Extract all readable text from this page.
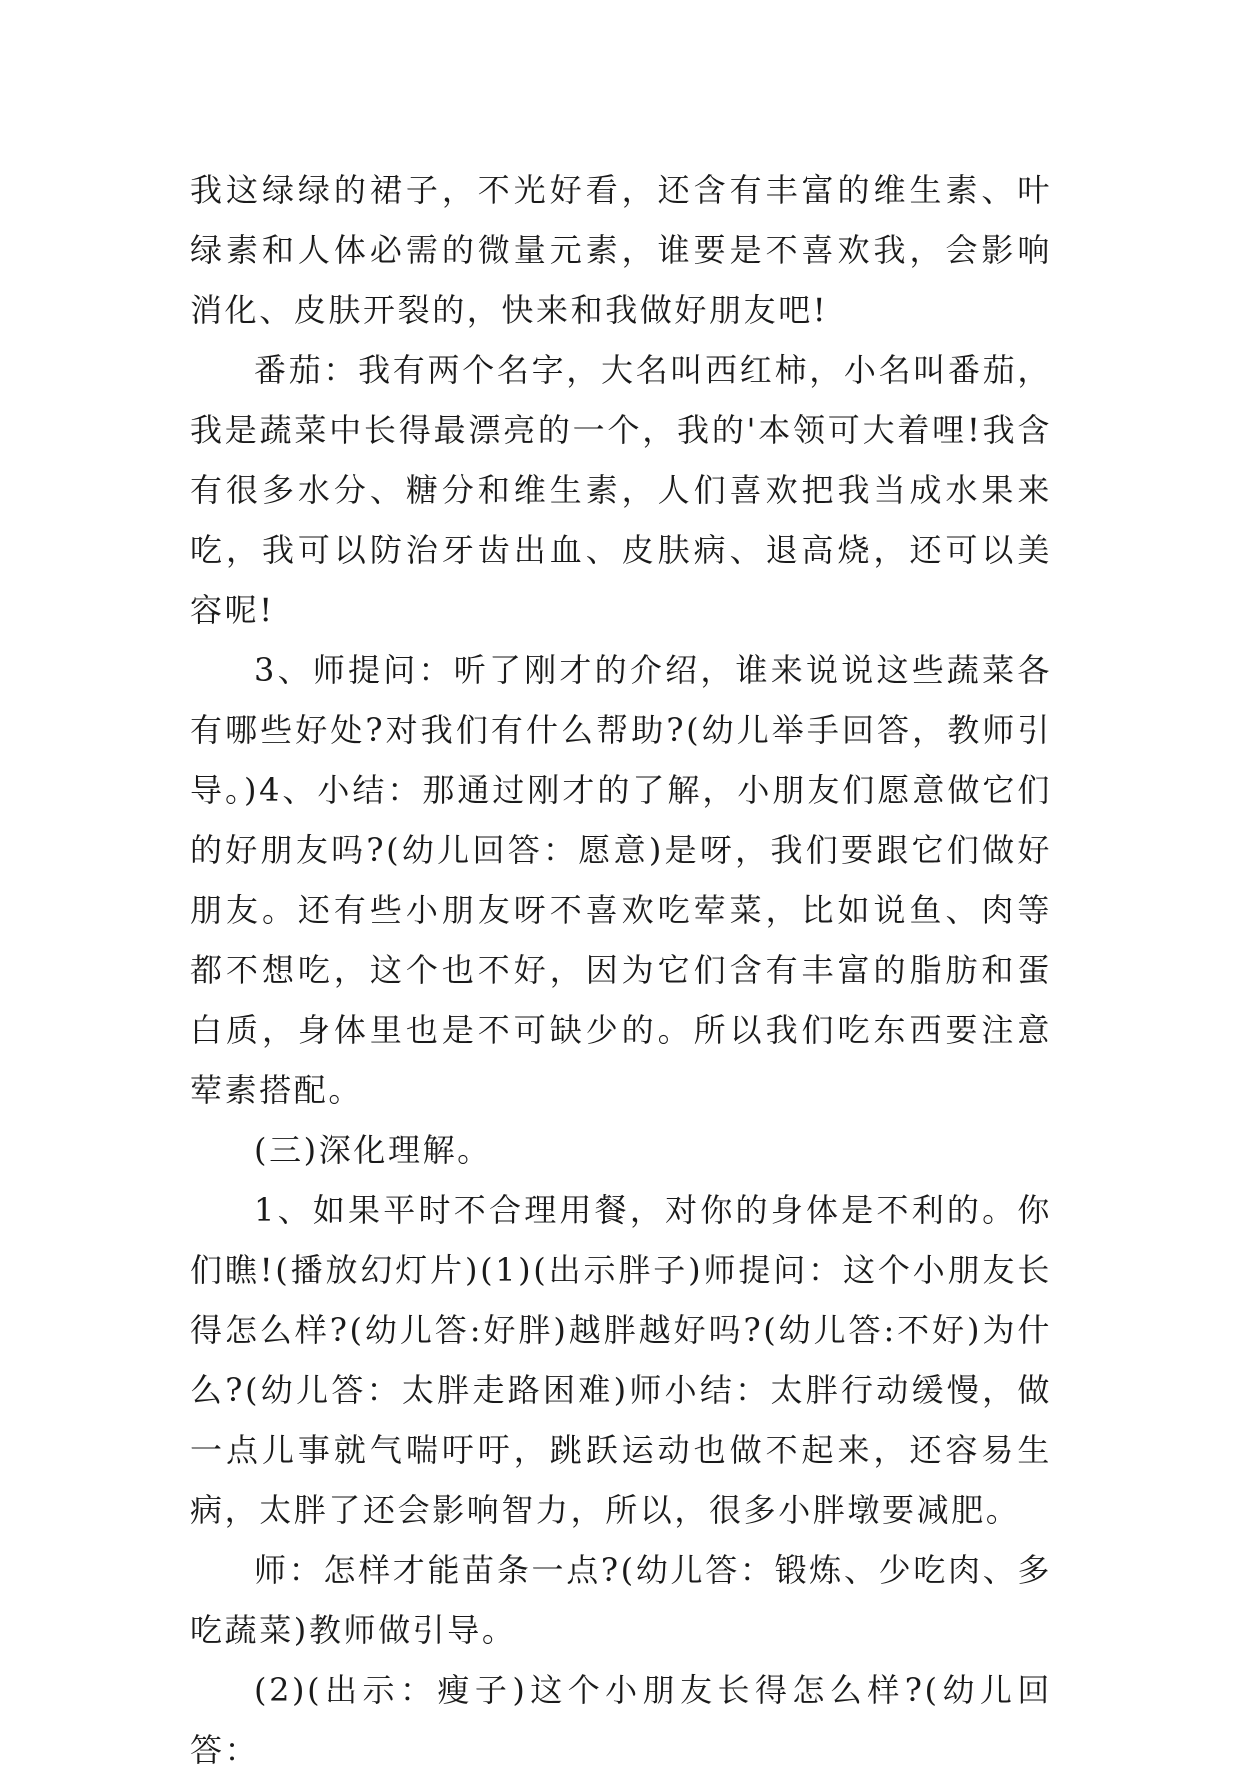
我这绿绿的裙子，不光好看，还含有丰富的维生素、叶绿素和人体必需的微量元素，谁要是不喜欢我，会影响消化、皮肤开裂的，快来和我做好朋友吧!

番茄：我有两个名字，大名叫西红柿，小名叫番茄，我是蔬菜中长得最漂亮的一个，我的'本领可大着哩!我含有很多水分、糖分和维生素，人们喜欢把我当成水果来吃，我可以防治牙齿出血、皮肤病、退高烧，还可以美容呢!

3、师提问：听了刚才的介绍，谁来说说这些蔬菜各有哪些好处?对我们有什么帮助?(幼儿举手回答，教师引导。)4、小结：那通过刚才的了解，小朋友们愿意做它们的好朋友吗?(幼儿回答：愿意)是呀，我们要跟它们做好朋友。还有些小朋友呀不喜欢吃荤菜，比如说鱼、肉等都不想吃，这个也不好，因为它们含有丰富的脂肪和蛋白质，身体里也是不可缺少的。所以我们吃东西要注意荤素搭配。

(三)深化理解。

1、如果平时不合理用餐，对你的身体是不利的。你们瞧!(播放幻灯片)(1)(出示胖子)师提问：这个小朋友长得怎么样?(幼儿答:好胖)越胖越好吗?(幼儿答:不好)为什么?(幼儿答：太胖走路困难)师小结：太胖行动缓慢，做一点儿事就气喘吁吁，跳跃运动也做不起来，还容易生病，太胖了还会影响智力，所以，很多小胖墩要减肥。

师：怎样才能苗条一点?(幼儿答：锻炼、少吃肉、多吃蔬菜)教师做引导。

(2)(出示：瘦子)这个小朋友长得怎么样?(幼儿回答：
